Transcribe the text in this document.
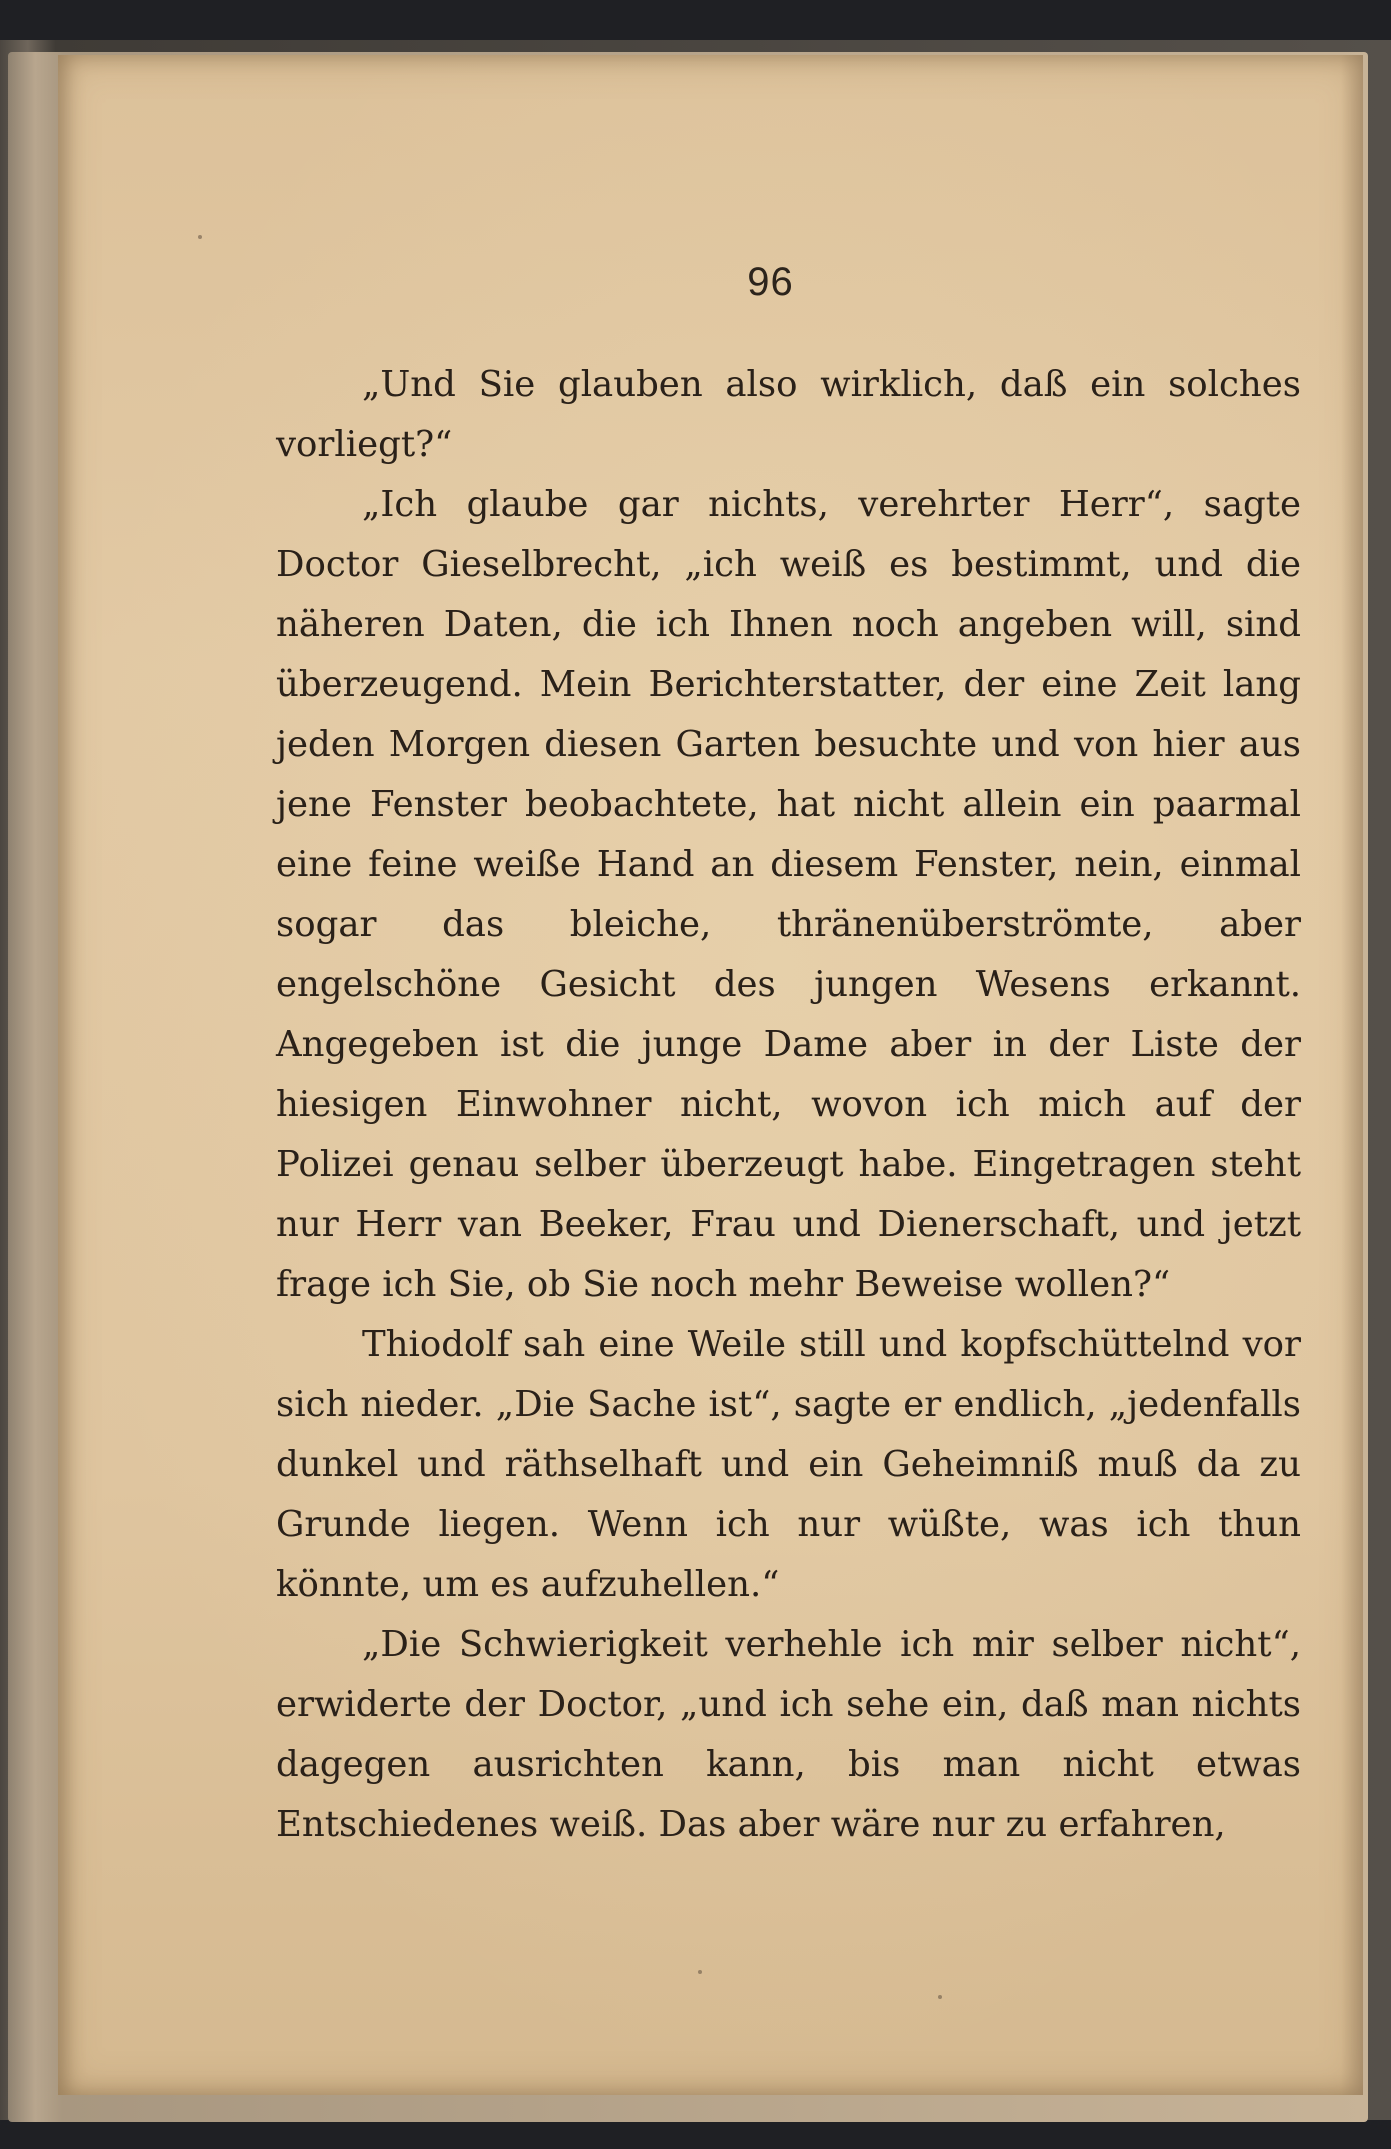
96

„Und Sie glauben also wirklich, daß ein solches vorliegt?“

„Ich glaube gar nichts, verehrter Herr“, sagte Doctor Gieselbrecht, „ich weiß es bestimmt, und die näheren Daten, die ich Ihnen noch angeben will, sind überzeugend. Mein Berichterstatter, der eine Zeit lang jeden Morgen diesen Garten besuchte und von hier aus jene Fenster beobachtete, hat nicht allein ein paarmal eine feine weiße Hand an diesem Fenster, nein, einmal sogar das bleiche, thränenüberströmte, aber engelschöne Gesicht des jungen Wesens erkannt. Angegeben ist die junge Dame aber in der Liste der hiesigen Einwohner nicht, wovon ich mich auf der Polizei genau selber überzeugt habe. Eingetragen steht nur Herr van Beeker, Frau und Dienerschaft, und jetzt frage ich Sie, ob Sie noch mehr Beweise wollen?“

Thiodolf sah eine Weile still und kopfschüttelnd vor sich nieder. „Die Sache ist“, sagte er endlich, „jedenfalls dunkel und räthselhaft und ein Geheimniß muß da zu Grunde liegen. Wenn ich nur wüßte, was ich thun könnte, um es aufzuhellen.“

„Die Schwierigkeit verhehle ich mir selber nicht“, erwiderte der Doctor, „und ich sehe ein, daß man nichts dagegen ausrichten kann, bis man nicht etwas Entschiedenes weiß. Das aber wäre nur zu erfahren,
